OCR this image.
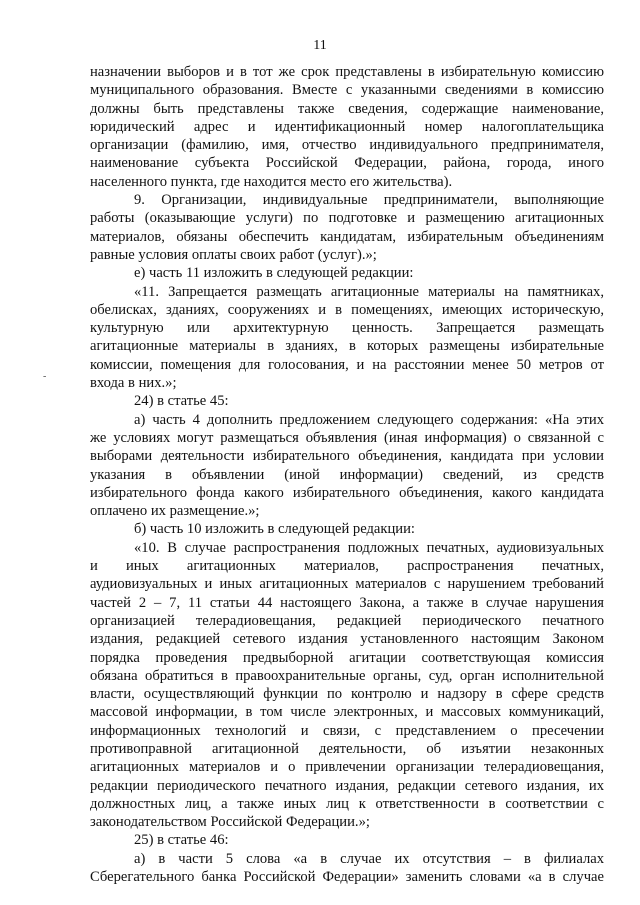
11
-
назначении выборов и в тот же срок представлены в избирательную комиссию
муниципального образования. Вместе с указанными сведениями в комиссию
должны быть представлены также сведения, содержащие наименование,
юридический адрес и идентификационный номер налогоплательщика
организации (фамилию, имя, отчество индивидуального предпринимателя,
наименование субъекта Российской Федерации, района, города, иного
населенного пункта, где находится место его жительства).
9. Организации, индивидуальные предприниматели, выполняющие
работы (оказывающие услуги) по подготовке и размещению агитационных
материалов, обязаны обеспечить кандидатам, избирательным объединениям
равные условия оплаты своих работ (услуг).»;
е) часть 11 изложить в следующей редакции:
«11. Запрещается размещать агитационные материалы на памятниках,
обелисках, зданиях, сооружениях и в помещениях, имеющих историческую,
культурную или архитектурную ценность. Запрещается размещать
агитационные материалы в зданиях, в которых размещены избирательные
комиссии, помещения для голосования, и на расстоянии менее 50 метров от
входа в них.»;
24) в статье 45:
а) часть 4 дополнить предложением следующего содержания: «На этих
же условиях могут размещаться объявления (иная информация) о связанной с
выборами деятельности избирательного объединения, кандидата при условии
указания в объявлении (иной информации) сведений, из средств
избирательного фонда какого избирательного объединения, какого кандидата
оплачено их размещение.»;
б) часть 10 изложить в следующей редакции:
«10. В случае распространения подложных печатных, аудиовизуальных
и иных агитационных материалов, распространения печатных,
аудиовизуальных и иных агитационных материалов с нарушением требований
частей 2 – 7, 11 статьи 44 настоящего Закона, а также в случае нарушения
организацией телерадиовещания, редакцией периодического печатного
издания, редакцией сетевого издания установленного настоящим Законом
порядка проведения предвыборной агитации соответствующая комиссия
обязана обратиться в правоохранительные органы, суд, орган исполнительной
власти, осуществляющий функции по контролю и надзору в сфере средств
массовой информации, в том числе электронных, и массовых коммуникаций,
информационных технологий и связи, с представлением о пресечении
противоправной агитационной деятельности, об изъятии незаконных
агитационных материалов и о привлечении организации телерадиовещания,
редакции периодического печатного издания, редакции сетевого издания, их
должностных лиц, а также иных лиц к ответственности в соответствии с
законодательством Российской Федерации.»;
25) в статье 46:
а) в части 5 слова «а в случае их отсутствия – в филиалах
Сберегательного банка Российской Федерации» заменить словами «а в случае
